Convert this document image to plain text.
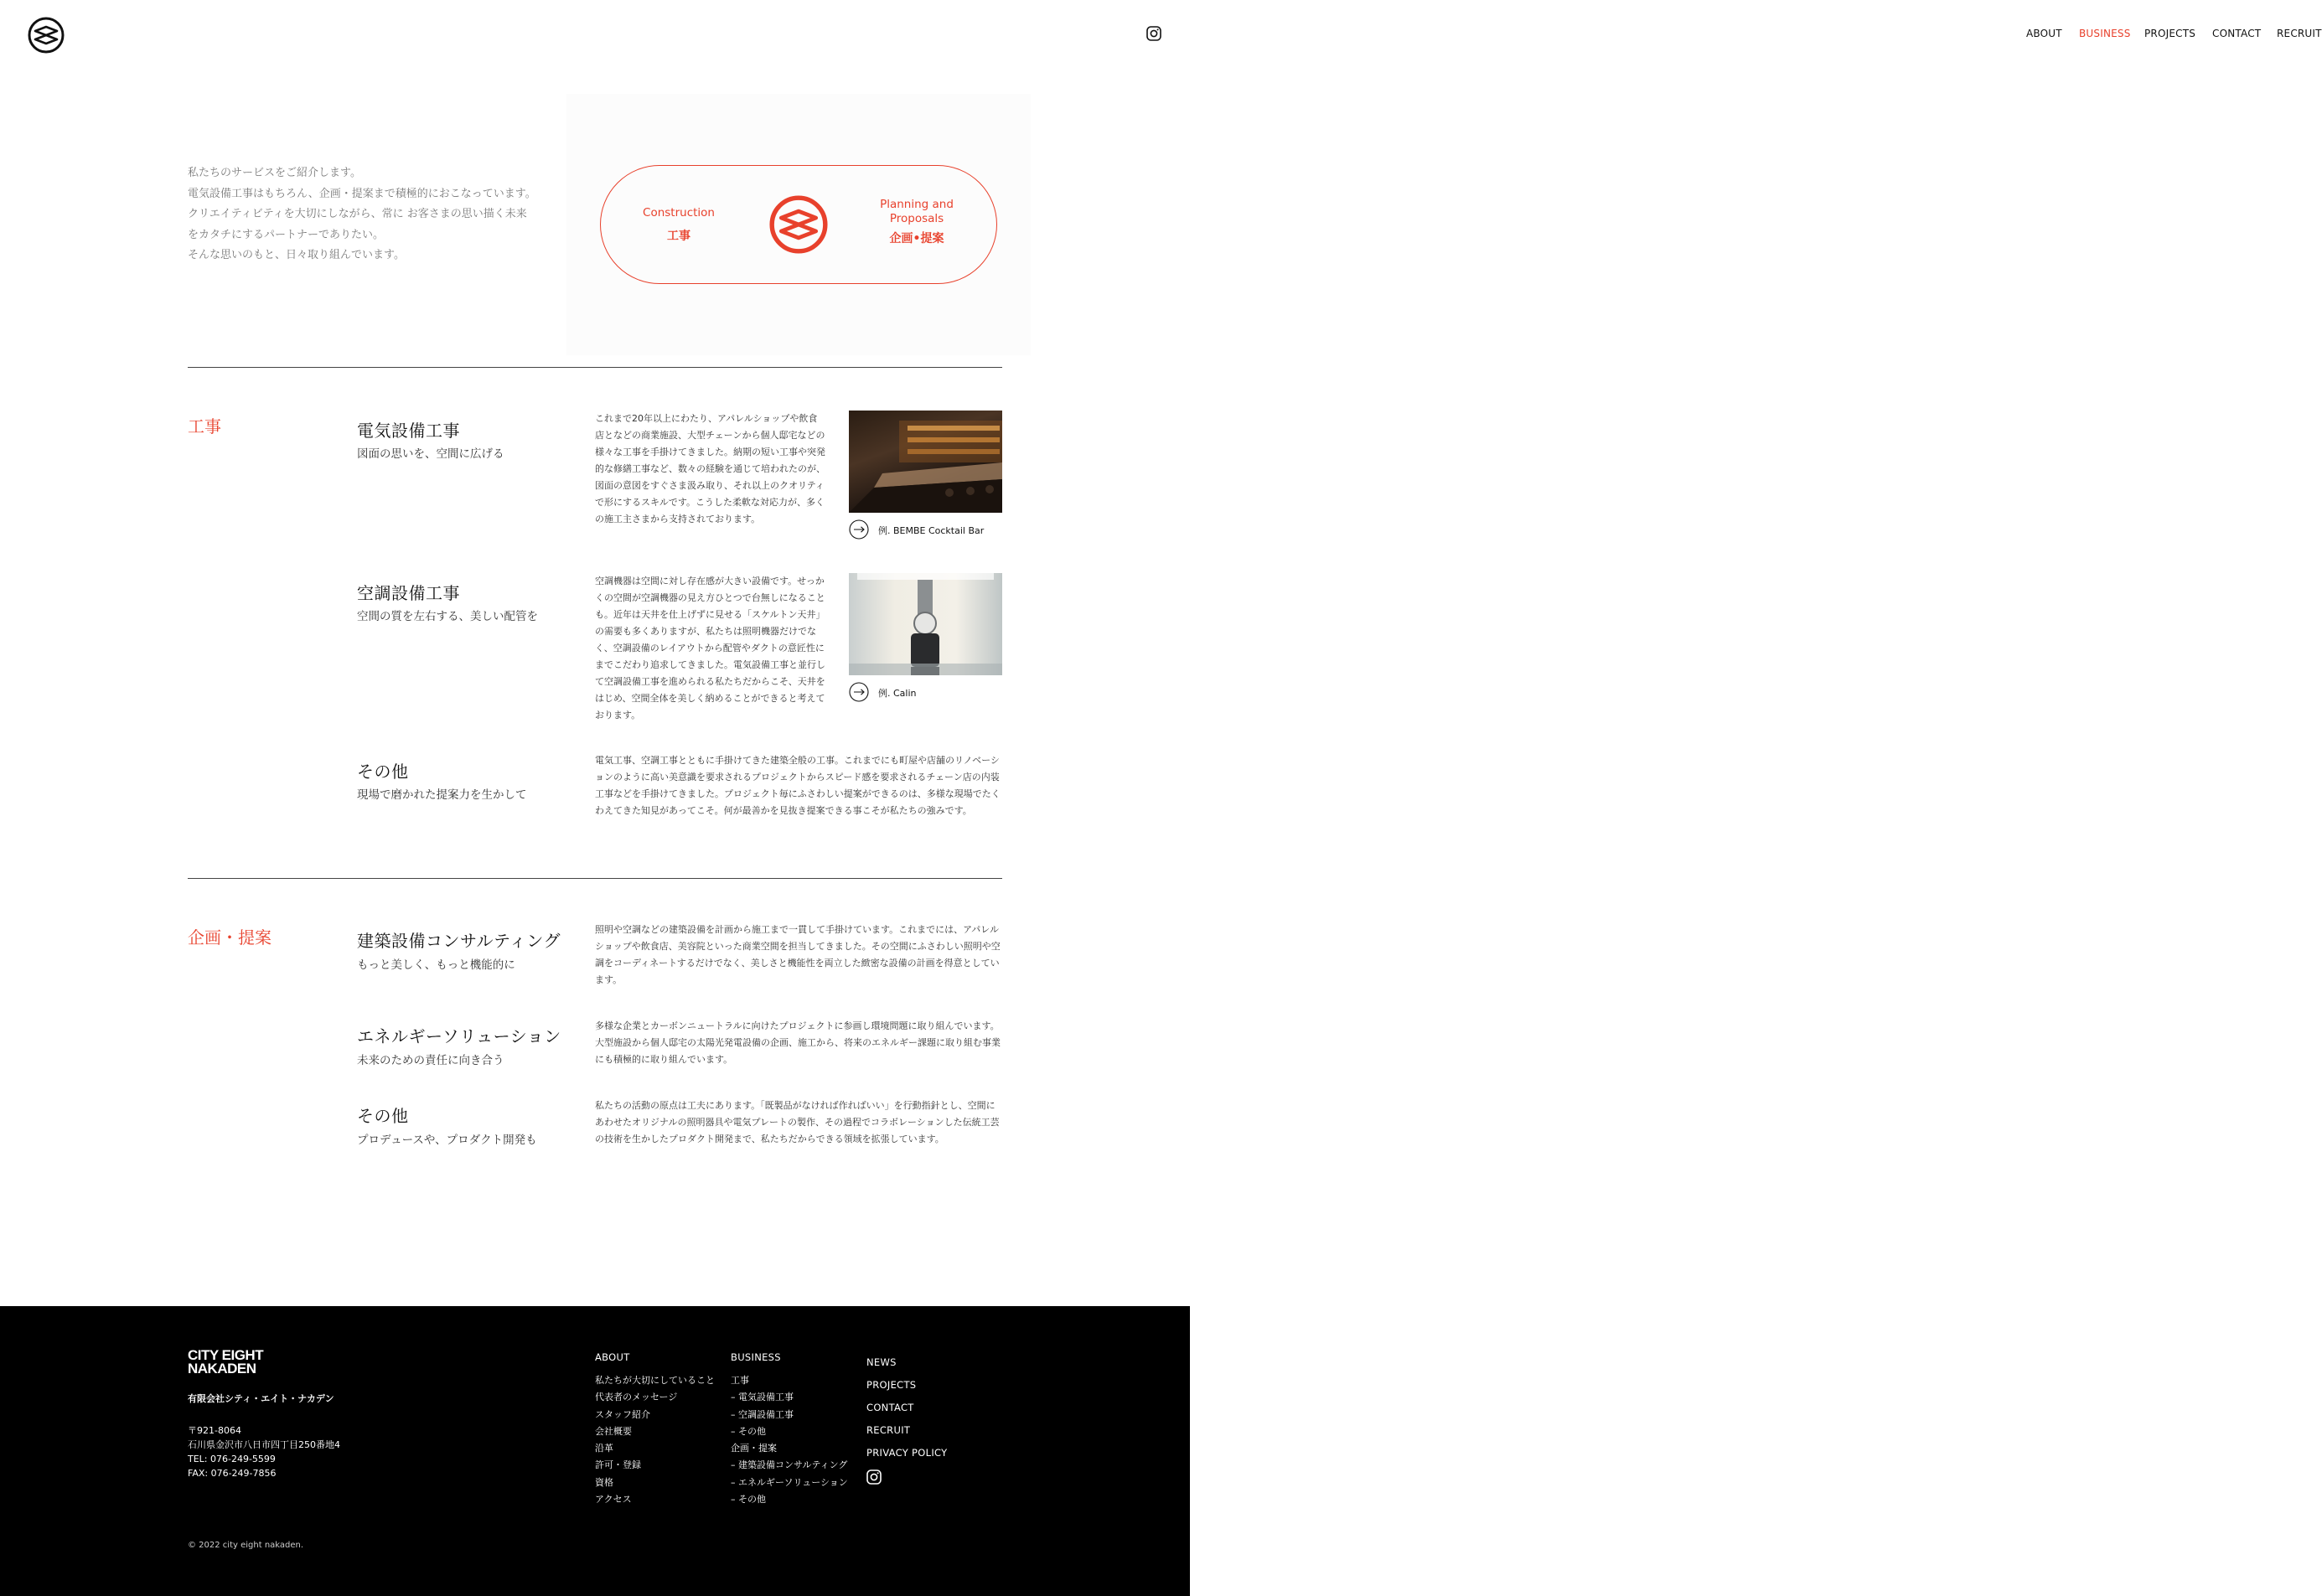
ABOUT BUSINESS PROJECTS CONTACT RECRUIT

私たちのサービスをご紹介します。

電気設備工事はもちろん、企画・提案まで積極的におこなっています。

クリエイティビティを大切にしながら、常に お客さまの思い描く未来

をカタチにするパートナーでありたい。

そんな思いのもと、日々取り組んでいます。

Construction
工事
Planning and Proposals
企画•提案
工事	電気設備工事
図面の思いを、空間に広げる
これまで20年以上にわたり、アパレルショップや飲食店となどの商業施設、大型チェーンから個人邸宅などの様々な工事を手掛けてきました。納期の短い工事や突発的な修繕工事など、数々の経験を通じて培われたのが、図面の意図をすぐさま汲み取り、それ以上のクオリティで形にするスキルです。こうした柔軟な対応力が、多くの施工主さまから支持されております。
例. BEMBE Cocktail Bar
空調設備工事
空間の質を左右する、美しい配管を
空調機器は空間に対し存在感が大きい設備です。せっかくの空間が空調機器の見え方ひとつで台無しになることも。近年は天井を仕上げずに見せる「スケルトン天井」の需要も多くありますが、私たちは照明機器だけでなく、空調設備のレイアウトから配管やダクトの意匠性にまでこだわり追求してきました。電気設備工事と並行して空調設備工事を進められる私たちだからこそ、天井をはじめ、空間全体を美しく納めることができると考えております。
例. Calin
その他
現場で磨かれた提案力を生かして
電気工事、空調工事とともに手掛けてきた建築全般の工事。これまでにも町屋や店舗のリノベーションのように高い美意識を要求されるプロジェクトからスピード感を要求されるチェーン店の内装工事などを手掛けてきました。プロジェクト毎にふさわしい提案ができるのは、多様な現場でたくわえてきた知見があってこそ。何が最善かを見抜き提案できる事こそが私たちの強みです。
企画・提案	建築設備コンサルティング
もっと美しく、もっと機能的に
照明や空調などの建築設備を計画から施工まで一貫して手掛けています。これまでには、アパレルショップや飲食店、美容院といった商業空間を担当してきました。その空間にふさわしい照明や空調をコーディネートするだけでなく、美しさと機能性を両立した緻密な設備の計画を得意としています。
エネルギーソリューション
未来のための責任に向き合う
多様な企業とカーボンニュートラルに向けたプロジェクトに参画し環境問題に取り組んでいます。大型施設から個人邸宅の太陽光発電設備の企画、施工から、将来のエネルギー課題に取り組む事業にも積極的に取り組んでいます。
その他
プロデュースや、プロダクト開発も
私たちの活動の原点は工夫にあります。「既製品がなければ作ればいい」を行動指針とし、空間にあわせたオリジナルの照明器具や電気プレートの製作、その過程でコラボレーションした伝統工芸の技術を生かしたプロダクト開発まで、私たちだからできる領域を拡張しています。
CITY EIGHT
NAKADEN
有限会社シティ・エイト・ナカデン
〒921-8064
石川県金沢市八日市四丁目250番地4
TEL: 076-249-5599
FAX: 076-249-7856
ABOUT
私たちが大切にしていること
代表者のメッセージ
スタッフ紹介
会社概要
沿革
許可・登録
資格
アクセス
BUSINESS
工事
– 電気設備工事
– 空調設備工事
– その他
企画・提案
– 建築設備コンサルティング
– エネルギーソリューション
– その他
NEWS
PROJECTS
CONTACT
RECRUIT
PRIVACY POLICY
© 2022 city eight nakaden.
